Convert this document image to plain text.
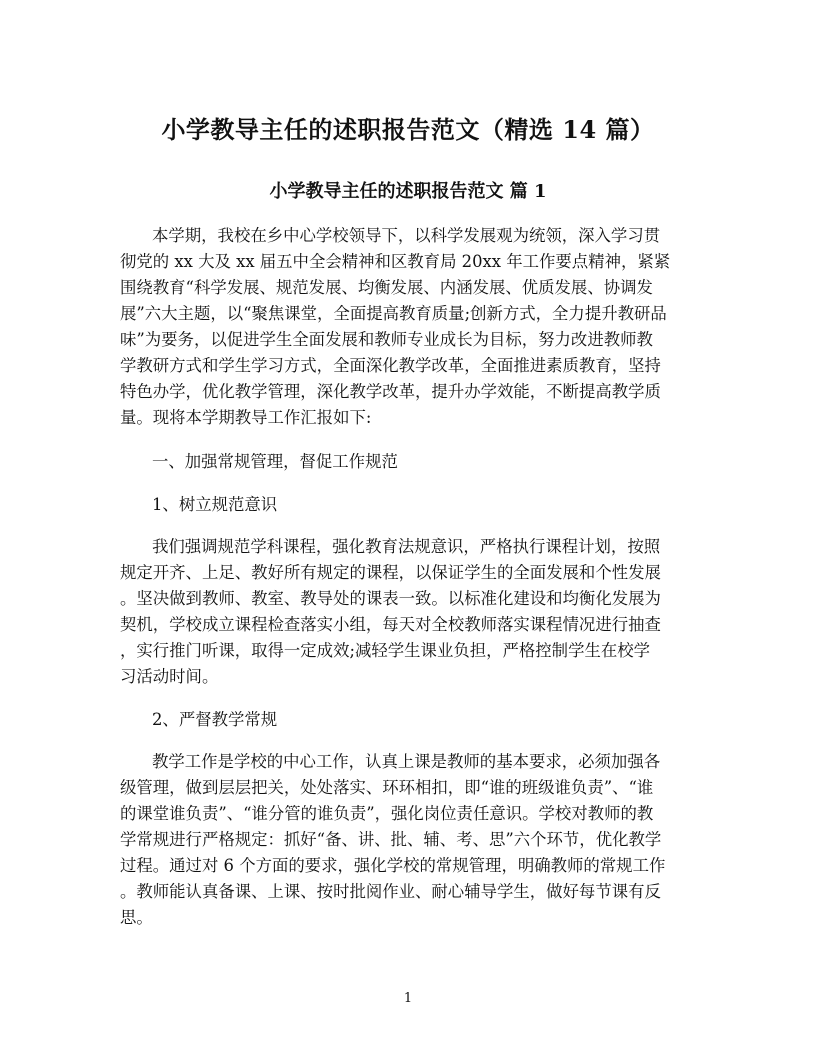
小学教导主任的述职报告范文（精选 14 篇）
小学教导主任的述职报告范文 篇 1
本学期，我校在乡中心学校领导下，以科学发展观为统领，深入学习贯
彻党的 xx 大及 xx 届五中全会精神和区教育局 20xx 年工作要点精神，紧紧
围绕教育“科学发展、规范发展、均衡发展、内涵发展、优质发展、协调发
展”六大主题，以“聚焦课堂，全面提高教育质量;创新方式，全力提升教研品
味”为要务，以促进学生全面发展和教师专业成长为目标，努力改进教师教
学教研方式和学生学习方式，全面深化教学改革，全面推进素质教育，坚持
特色办学，优化教学管理，深化教学改革，提升办学效能，不断提高教学质
量。现将本学期教导工作汇报如下:
一、加强常规管理，督促工作规范
1、树立规范意识
我们强调规范学科课程，强化教育法规意识，严格执行课程计划，按照
规定开齐、上足、教好所有规定的课程，以保证学生的全面发展和个性发展
。坚决做到教师、教室、教导处的课表一致。以标准化建设和均衡化发展为
契机，学校成立课程检查落实小组，每天对全校教师落实课程情况进行抽查
，实行推门听课，取得一定成效;减轻学生课业负担，严格控制学生在校学
习活动时间。
2、严督教学常规
教学工作是学校的中心工作，认真上课是教师的基本要求，必须加强各
级管理，做到层层把关，处处落实、环环相扣，即“谁的班级谁负责”、“谁
的课堂谁负责”、“谁分管的谁负责”，强化岗位责任意识。学校对教师的教
学常规进行严格规定：抓好“备、讲、批、辅、考、思”六个环节，优化教学
过程。通过对 6 个方面的要求，强化学校的常规管理，明确教师的常规工作
。教师能认真备课、上课、按时批阅作业、耐心辅导学生，做好每节课有反
思。
1
